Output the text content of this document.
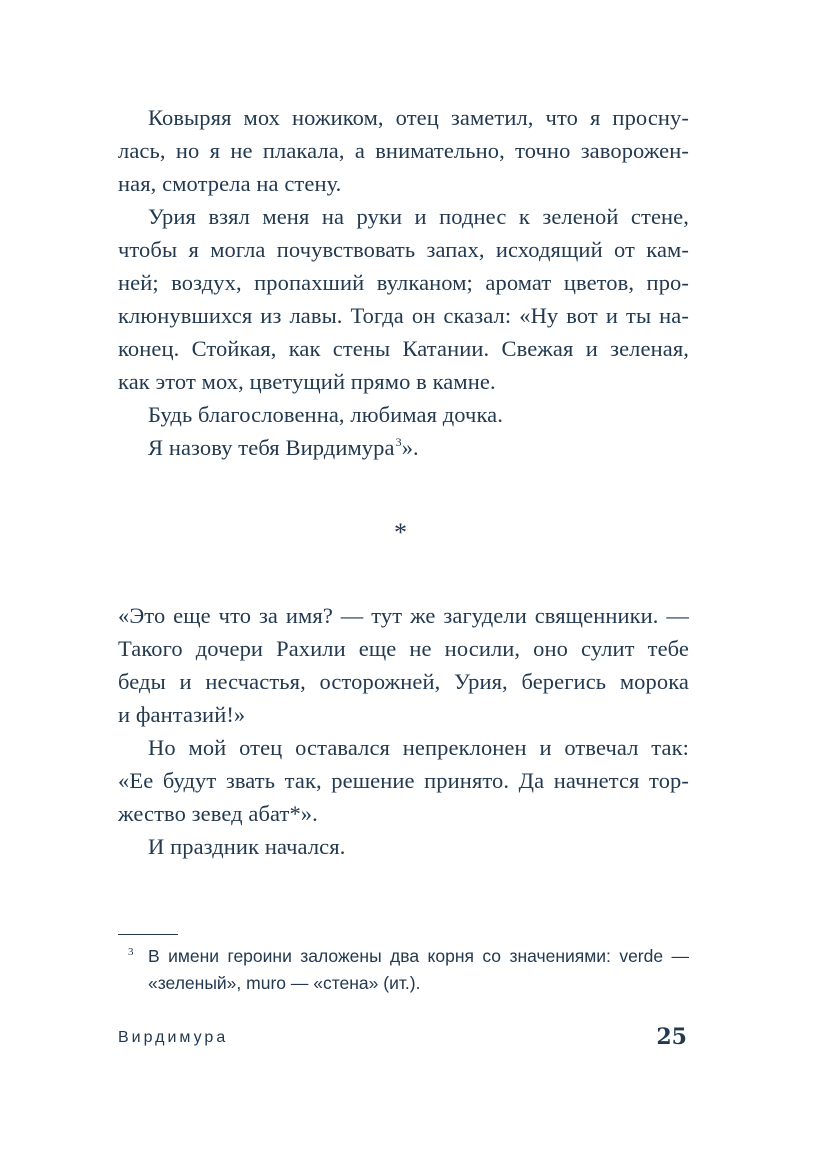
Ковыряя мох ножиком, отец заметил, что я просну-
лась, но я не плакала, а внимательно, точно заворожен-
ная, смотрела на стену.
Урия взял меня на руки и поднес к зеленой стене,
чтобы я могла почувствовать запах, исходящий от кам-
ней; воздух, пропахший вулканом; аромат цветов, про-
клюнувшихся из лавы. Тогда он сказал: «Ну вот и ты на-
конец. Стойкая, как стены Катании. Свежая и зеленая,
как этот мох, цветущий прямо в камне.
Будь благословенна, любимая дочка.
Я назову тебя Вирдимура$^3$».
*
«Это еще что за имя? — тут же загудели священники. —
Такого дочери Рахили еще не носили, оно сулит тебе
беды и несчастья, осторожней, Урия, берегись морока
и фантазий!»
Но мой отец оставался непреклонен и отвечал так:
«Ее будут звать так, решение принято. Да начнется тор-
жество зевед абат*».
И праздник начался.
3 В имени героини заложены два корня со значениями: verde —
«зеленый», muro — «стена» (ит.).
Вирдимура	25
